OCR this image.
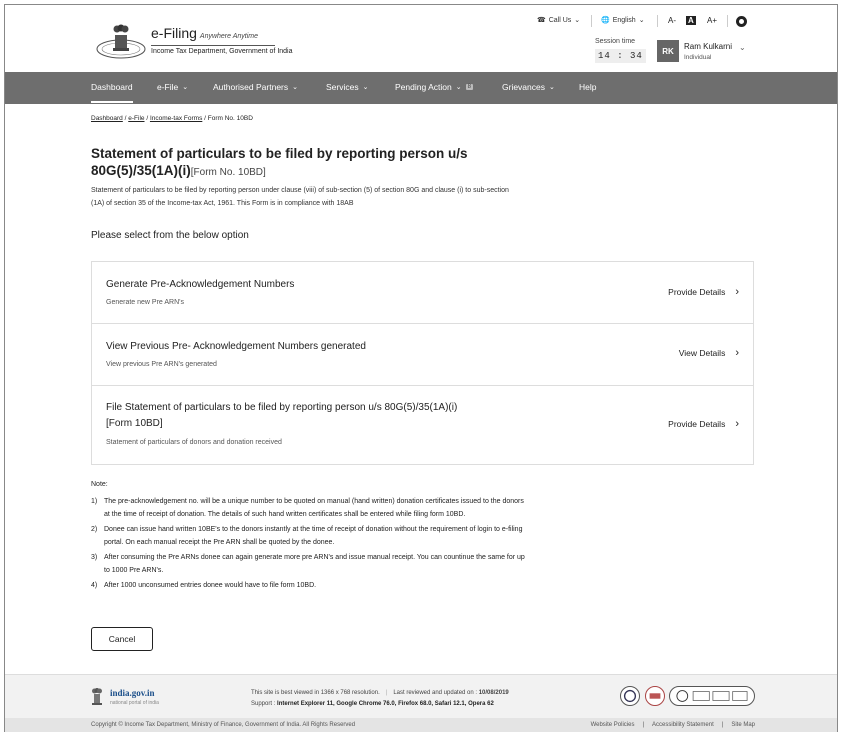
e-Filing Anywhere Anytime
Income Tax Department, Government of India
☎ Call Us ⌄	🌐 English ⌄	A- A A+
Session time
14 : 34	RK	Ram Kulkarni
Individual
⌄
Dashboard	e-File ⌄	Authorised Partners ⌄	Services ⌄	Pending Action ⌄	8	Grievances ⌄	Help
Dashboard / e-File / Income-tax Forms / Form No. 10BD
Statement of particulars to be filed by reporting person u/s 80G(5)/35(1A)(i)[Form No. 10BD]
Statement of particulars to be filed by reporting person under clause (viii) of sub-section (5) of section 80G and clause (i) to sub-section (1A) of section 35 of the Income-tax Act, 1961. This Form is in compliance with 18AB
Please select from the below option
Generate Pre-Acknowledgement Numbers
Generate new Pre ARN's
Provide Details ›
View Previous Pre- Acknowledgement Numbers generated
View previous Pre ARN's generated
View Details ›
File Statement of particulars to be filed by reporting person u/s 80G(5)/35(1A)(i) [Form 10BD]
Statement of particulars of donors and donation received
Provide Details ›
Note:
1) The pre-acknowledgement no. will be a unique number to be quoted on manual (hand written) donation certificates issued to the donors at the time of receipt of donation. The details of such hand written certificates shall be entered while filing form 10BD.
2) Donee can issue hand written 10BE's to the donors instantly at the time of receipt of donation without the requirement of login to e-filing portal. On each manual receipt the Pre ARN shall be quoted by the donee.
3) After consuming the Pre ARNs donee can again generate more pre ARN's and issue manual receipt. You can countinue the same for up to 1000 Pre ARN's.
4) After 1000 unconsumed entries donee would have to file form 10BD.
Cancel
india.gov.in
national portal of india
This site is best viewed in 1366 x 768 resolution. | Last reviewed and updated on : 10/08/2019
Support : Internet Explorer 11, Google Chrome 76.0, Firefox 68.0, Safari 12.1, Opera 62
Copyright © Income Tax Department, Ministry of Finance, Government of India. All Rights Reserved	Website Policies | Accessibility Statement | Site Map
